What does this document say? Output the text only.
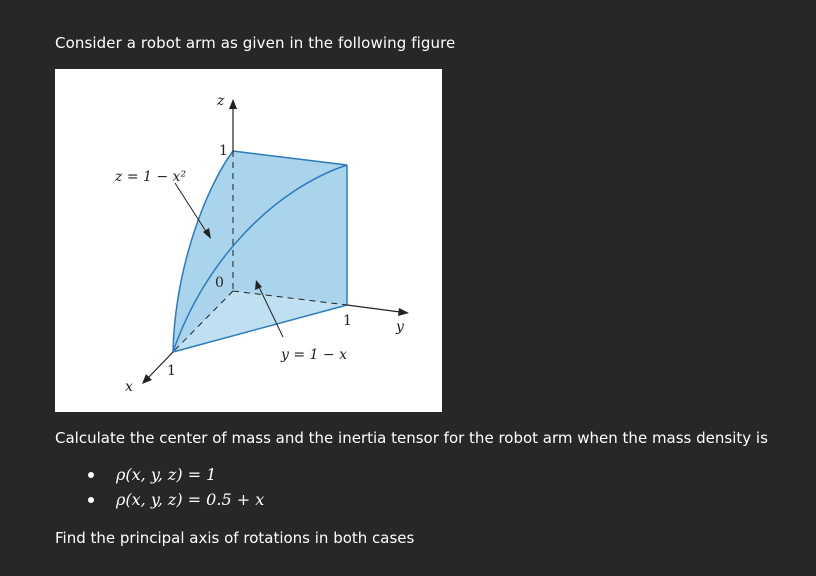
Consider a robot arm as given in the following figure
z
1
0
1	y
1
x
z = 1 − x²
y = 1 − x
Calculate the center of mass and the inertia tensor for the robot arm when the mass density is
ρ(x, y, z) = 1
ρ(x, y, z) = 0.5 + x
Find the principal axis of rotations in both cases
